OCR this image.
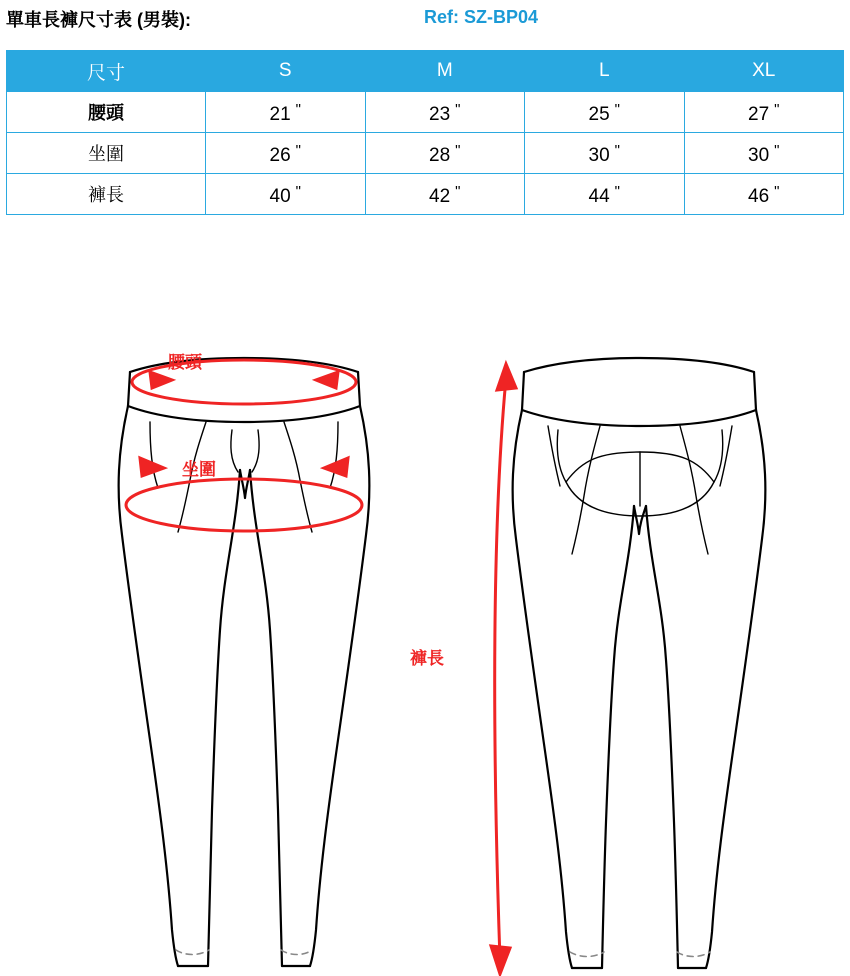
單車長褲尺寸表 (男裝):	Ref: SZ-BP04
尺寸	S	M	L	XL
腰頭	21 "	23 "	25 "	27 "
坐圍	26 "	28 "	30 "	30 "
褲長	40 "	42 "	44 "	46 "
腰頭
坐圍
褲長
